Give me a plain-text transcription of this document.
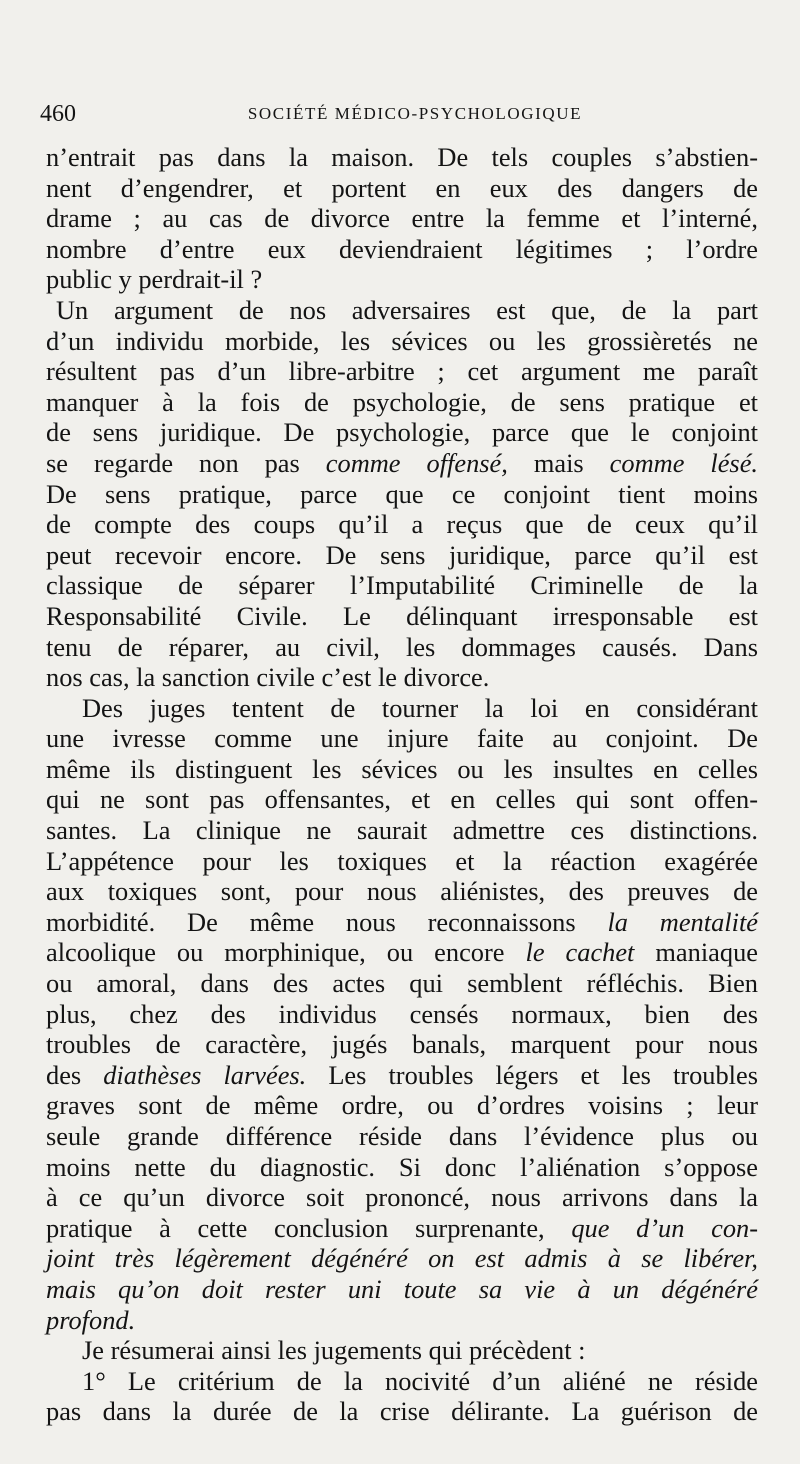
460	SOCIÉTÉ MÉDICO-PSYCHOLOGIQUE
n’entrait pas dans la maison. De tels couples s’abstien-
nent d’engendrer, et portent en eux des dangers de
drame ; au cas de divorce entre la femme et l’interné,
nombre d’entre eux deviendraient légitimes ; l’ordre
public y perdrait-il ?
Un argument de nos adversaires est que, de la part
d’un individu morbide, les sévices ou les grossièretés ne
résultent pas d’un libre-arbitre ; cet argument me paraît
manquer à la fois de psychologie, de sens pratique et
de sens juridique. De psychologie, parce que le conjoint
se regarde non pas comme offensé, mais comme lésé.
De sens pratique, parce que ce conjoint tient moins
de compte des coups qu’il a reçus que de ceux qu’il
peut recevoir encore. De sens juridique, parce qu’il est
classique de séparer l’Imputabilité Criminelle de la
Responsabilité Civile. Le délinquant irresponsable est
tenu de réparer, au civil, les dommages causés. Dans
nos cas, la sanction civile c’est le divorce.
Des juges tentent de tourner la loi en considérant
une ivresse comme une injure faite au conjoint. De
même ils distinguent les sévices ou les insultes en celles
qui ne sont pas offensantes, et en celles qui sont offen-
santes. La clinique ne saurait admettre ces distinctions.
L’appétence pour les toxiques et la réaction exagérée
aux toxiques sont, pour nous aliénistes, des preuves de
morbidité. De même nous reconnaissons la mentalité
alcoolique ou morphinique, ou encore le cachet maniaque
ou amoral, dans des actes qui semblent réfléchis. Bien
plus, chez des individus censés normaux, bien des
troubles de caractère, jugés banals, marquent pour nous
des diathèses larvées. Les troubles légers et les troubles
graves sont de même ordre, ou d’ordres voisins ; leur
seule grande différence réside dans l’évidence plus ou
moins nette du diagnostic. Si donc l’aliénation s’oppose
à ce qu’un divorce soit prononcé, nous arrivons dans la
pratique à cette conclusion surprenante, que d’un con-
joint très légèrement dégénéré on est admis à se libérer,
mais qu’on doit rester uni toute sa vie à un dégénéré
profond.
Je résumerai ainsi les jugements qui précèdent :
1° Le critérium de la nocivité d’un aliéné ne réside
pas dans la durée de la crise délirante. La guérison de
